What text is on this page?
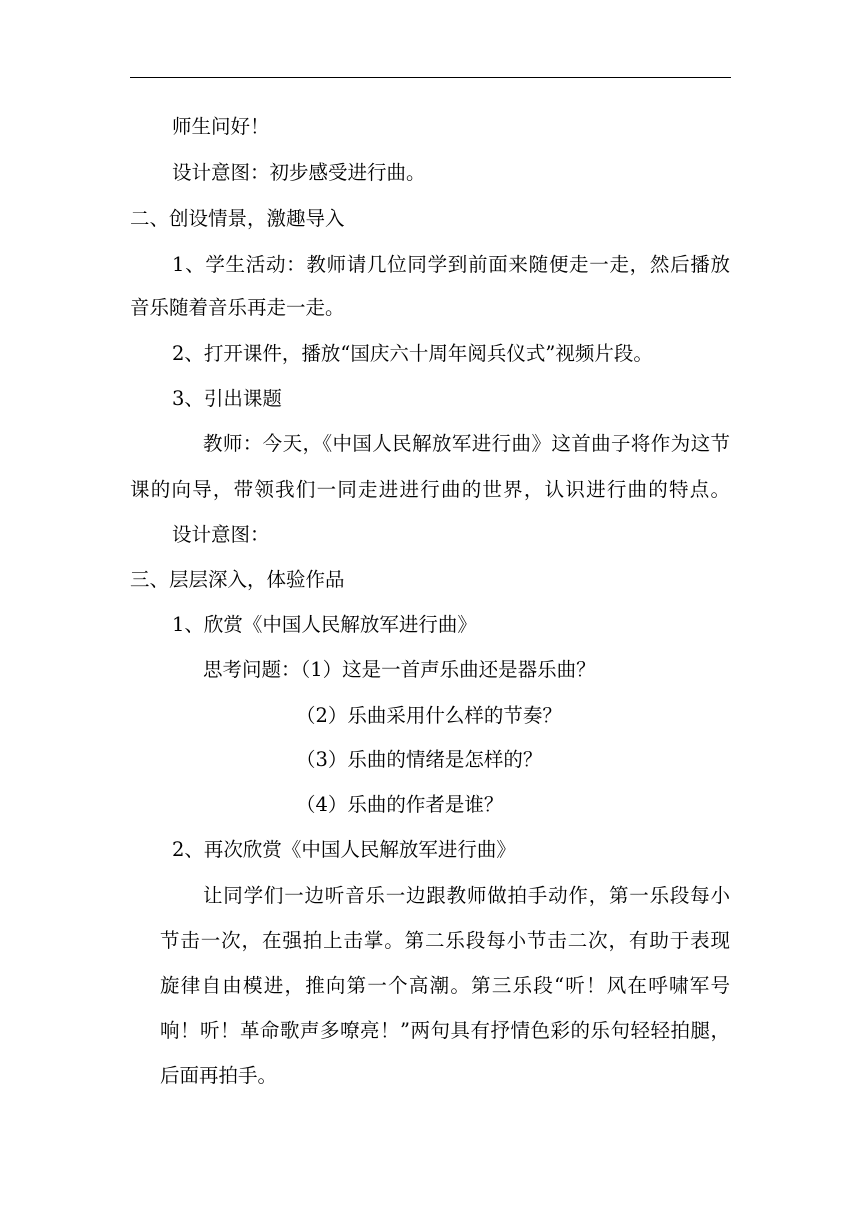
师生问好！
设计意图：初步感受进行曲。
二、创设情景，激趣导入
1、学生活动：教师请几位同学到前面来随便走一走，然后播放
音乐随着音乐再走一走。
2、打开课件，播放“国庆六十周年阅兵仪式”视频片段。
3、引出课题
教师：今天，《中国人民解放军进行曲》这首曲子将作为这节
课的向导，带领我们一同走进进行曲的世界，认识进行曲的特点。
设计意图：
三、层层深入，体验作品
1、欣赏《中国人民解放军进行曲》
思考问题：（1）这是一首声乐曲还是器乐曲？
（2）乐曲采用什么样的节奏？
（3）乐曲的情绪是怎样的？
（4）乐曲的作者是谁？
2、再次欣赏《中国人民解放军进行曲》
让同学们一边听音乐一边跟教师做拍手动作，第一乐段每小
节击一次，在强拍上击掌。第二乐段每小节击二次，有助于表现
旋律自由模进，推向第一个高潮。第三乐段“听！风在呼啸军号
响！听！革命歌声多嘹亮！”两句具有抒情色彩的乐句轻轻拍腿，
后面再拍手。
